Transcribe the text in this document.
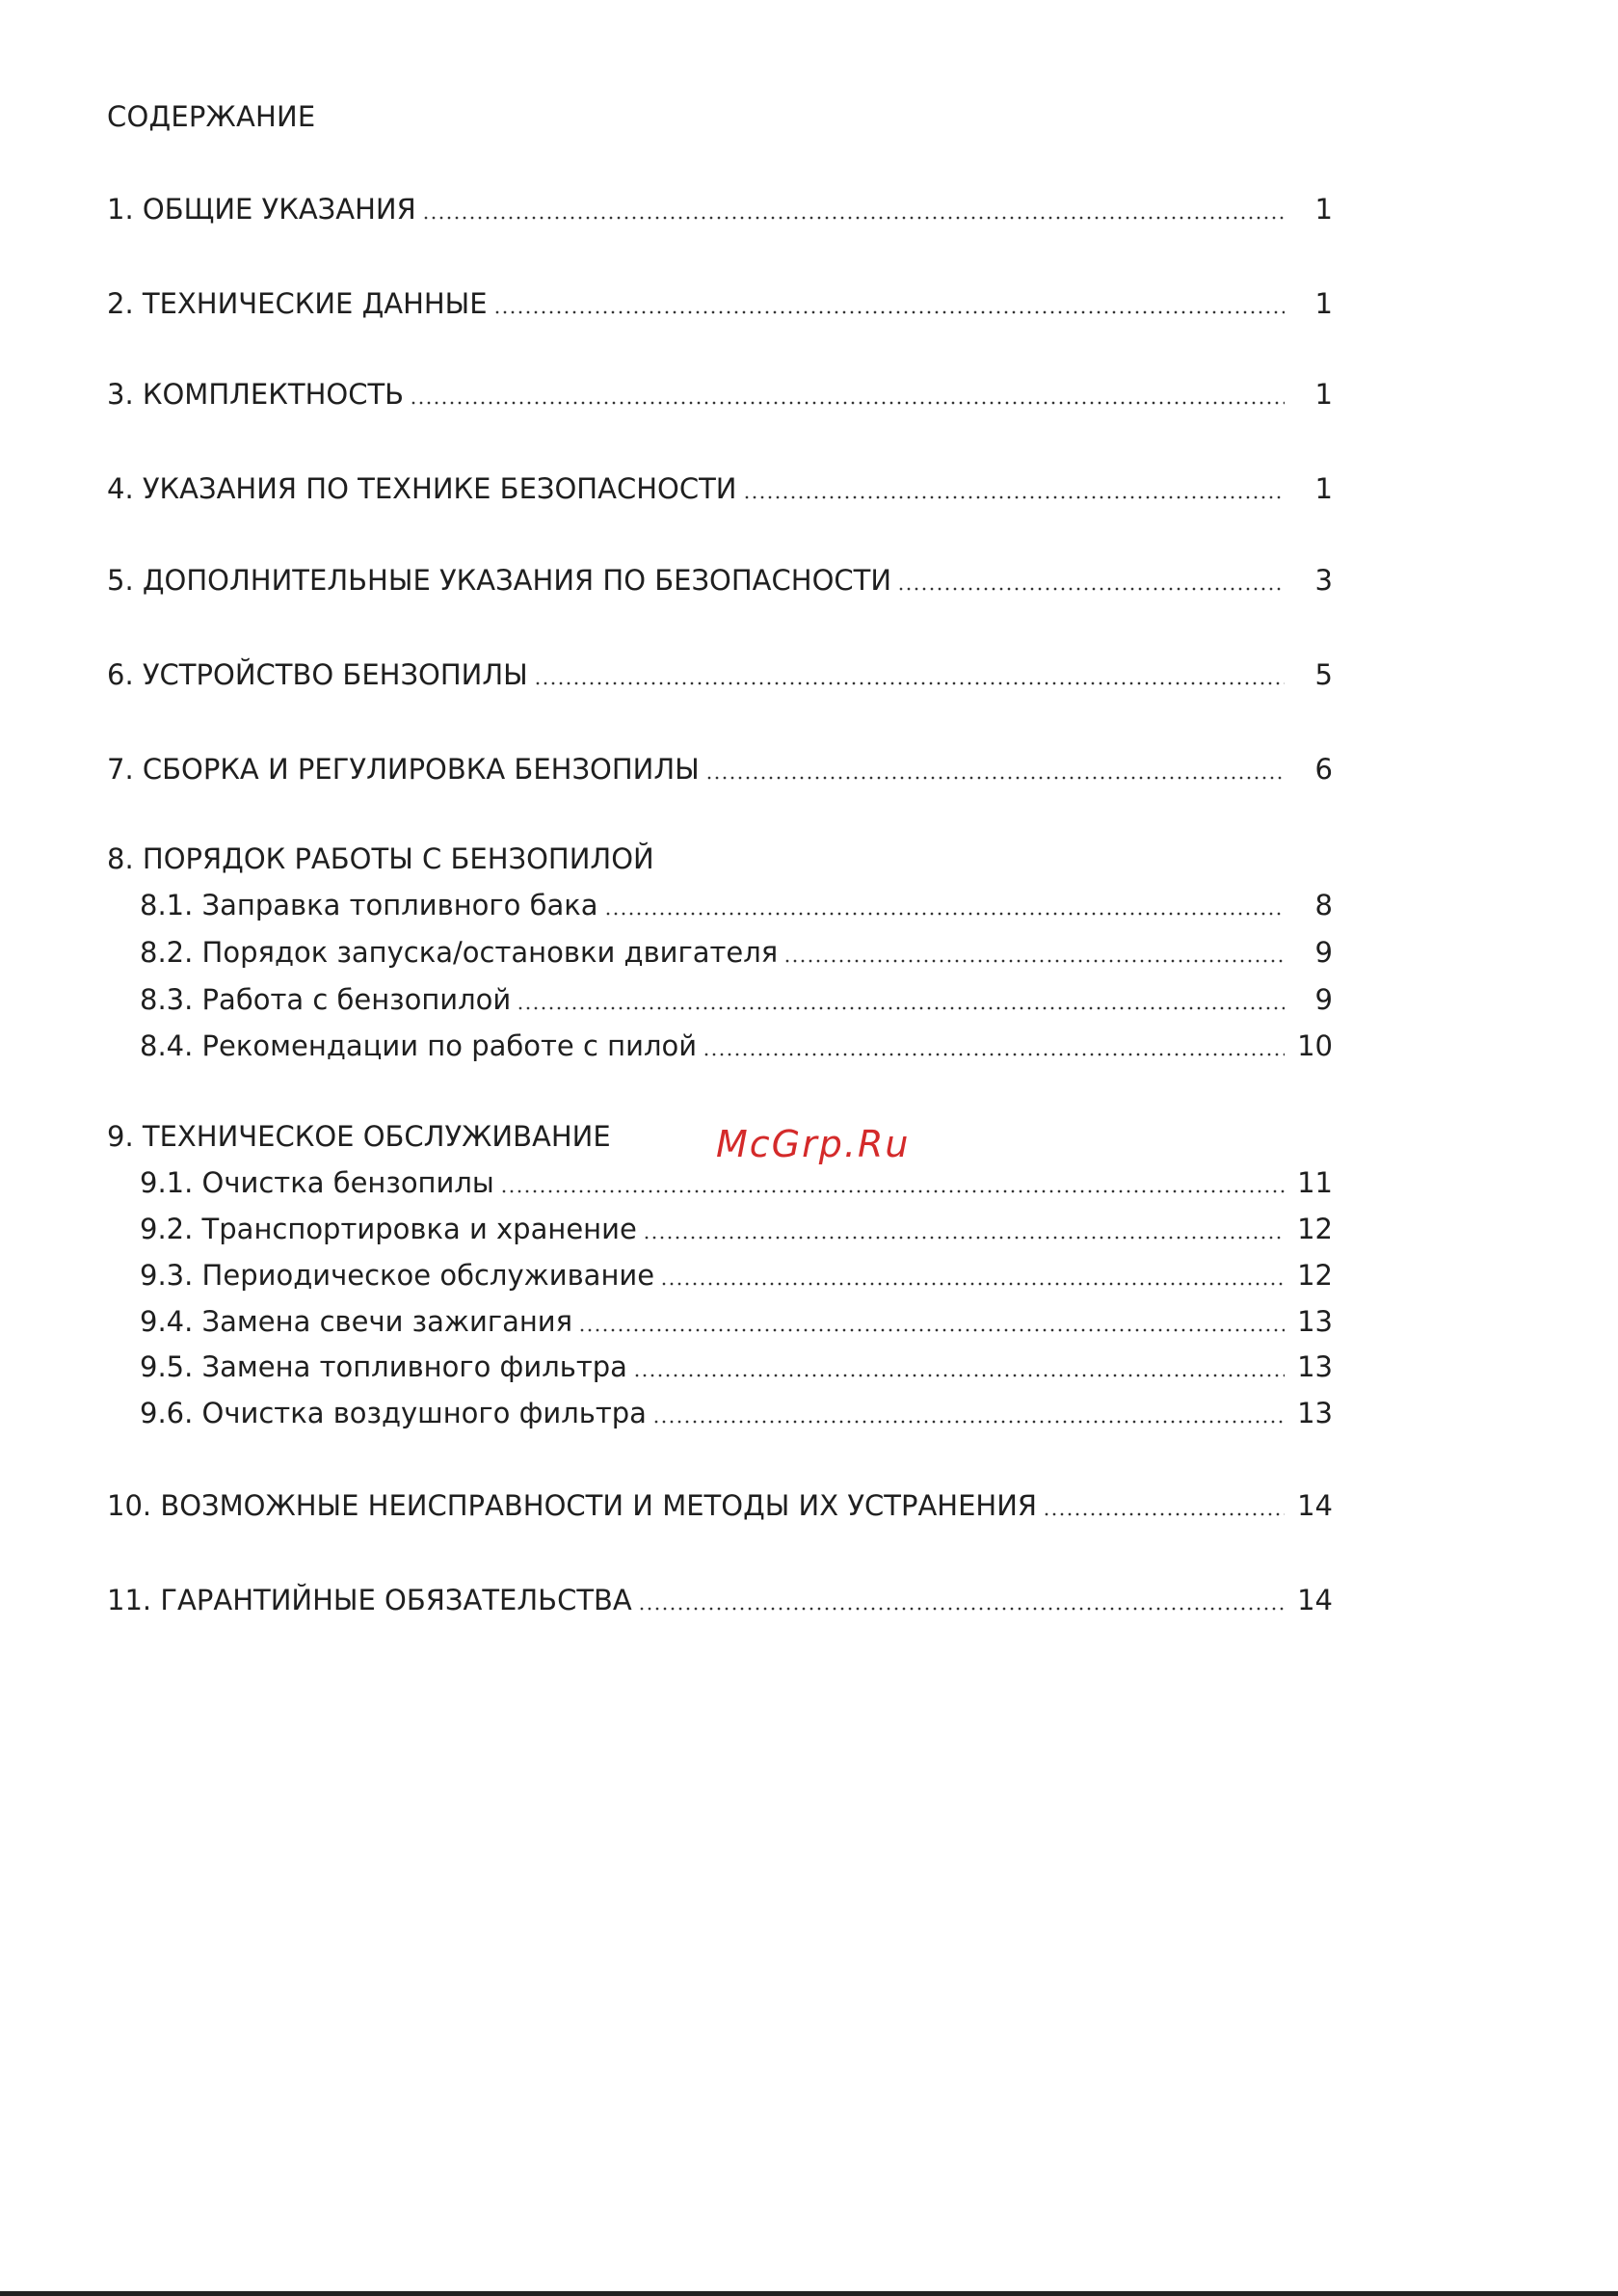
СОДЕРЖАНИЕ
1. ОБЩИЕ УКАЗАНИЯ	1
2. ТЕХНИЧЕСКИЕ ДАННЫЕ	1
3. КОМПЛЕКТНОСТЬ	1
4. УКАЗАНИЯ ПО ТЕХНИКЕ БЕЗОПАСНОСТИ	1
5. ДОПОЛНИТЕЛЬНЫЕ УКАЗАНИЯ ПО БЕЗОПАСНОСТИ	3
6. УСТРОЙСТВО БЕНЗОПИЛЫ	5
7. СБОРКА И РЕГУЛИРОВКА БЕНЗОПИЛЫ	6
8. ПОРЯДОК РАБОТЫ С БЕНЗОПИЛОЙ
8.1. Заправка топливного бака	8
8.2. Порядок запуска/остановки двигателя	9
8.3. Работа с бензопилой	9
8.4. Рекомендации по работе с пилой	10
9. ТЕХНИЧЕСКОЕ ОБСЛУЖИВАНИЕ
9.1. Очистка бензопилы	11
9.2. Транспортировка и хранение	12
9.3. Периодическое обслуживание	12
9.4. Замена свечи зажигания	13
9.5. Замена топливного фильтра	13
9.6. Очистка воздушного фильтра	13
10. ВОЗМОЖНЫЕ НЕИСПРАВНОСТИ И МЕТОДЫ ИХ УСТРАНЕНИЯ	14
11. ГАРАНТИЙНЫЕ ОБЯЗАТЕЛЬСТВА	14
McGrp.Ru
